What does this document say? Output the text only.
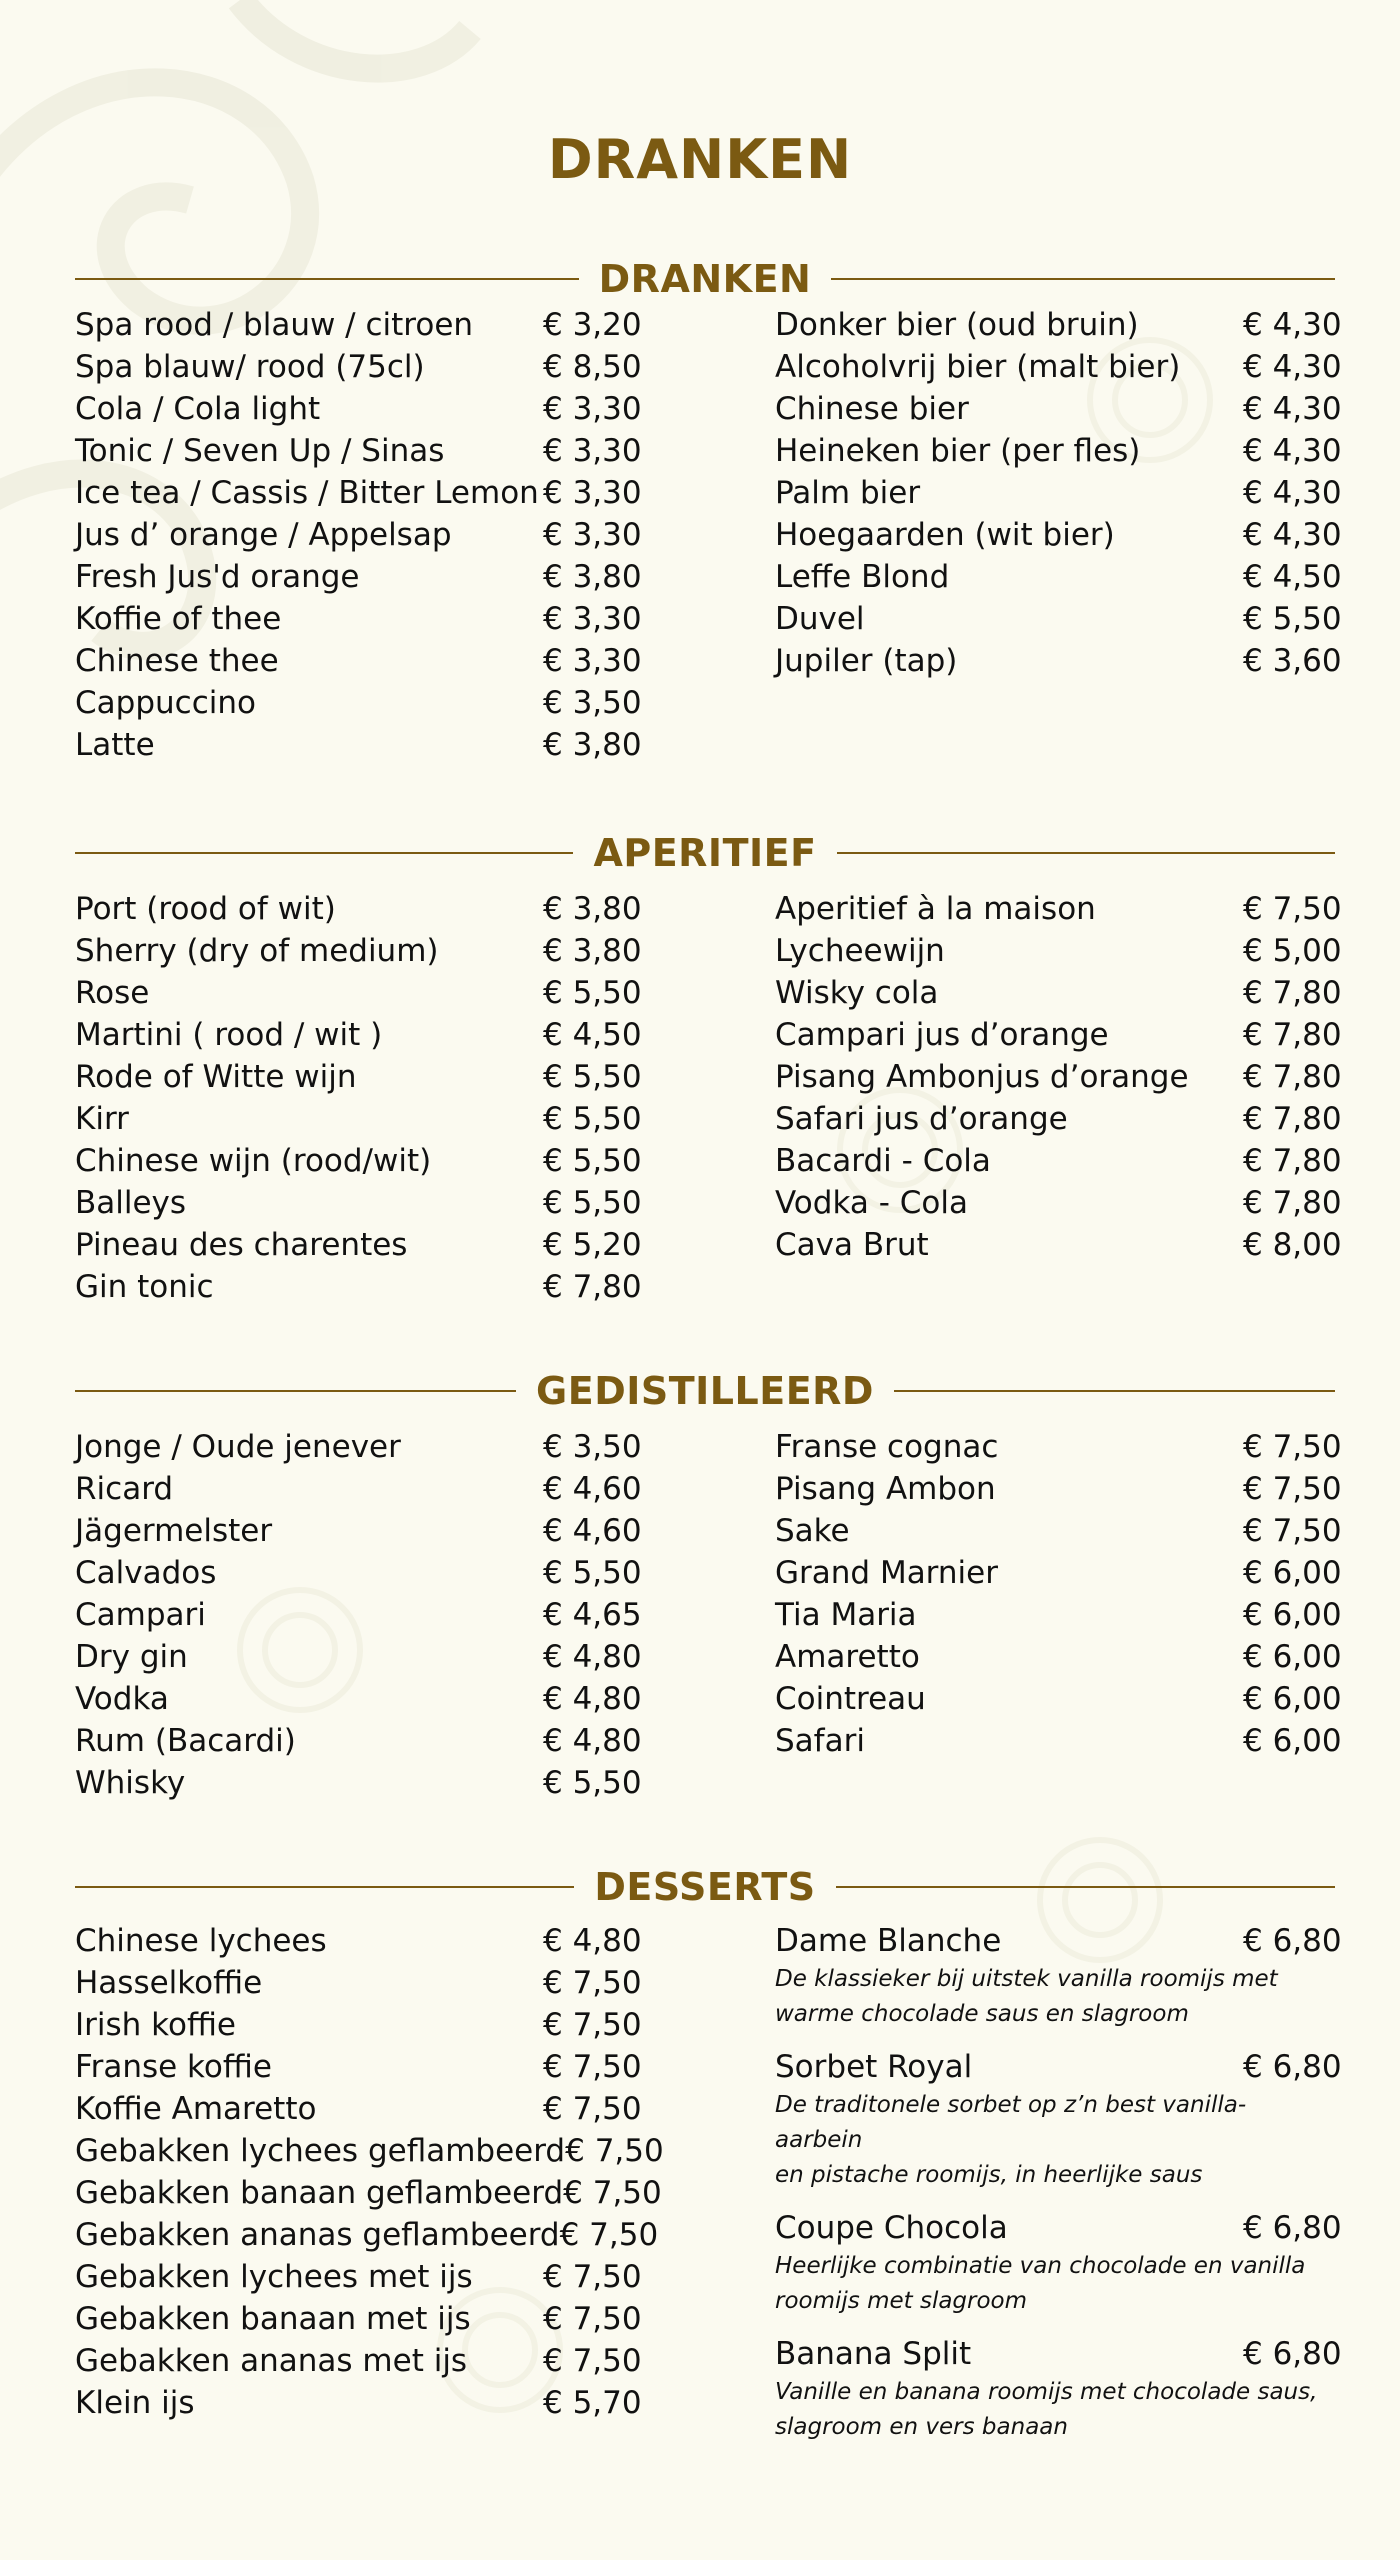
DRANKEN
DRANKEN
Spa rood / blauw / citroen € 3,20
Spa blauw/ rood (75cl)	€ 8,50
Cola / Cola light	€ 3,30
Tonic / Seven Up / Sinas	€ 3,30
Ice tea / Cassis / Bitter Lemon € 3,30
Jus d’ orange / Appelsap	€ 3,30
Fresh Jus'd orange	€ 3,80
Koffie of thee	€ 3,30
Chinese thee	€ 3,30
Cappuccino	€ 3,50
Latte	€ 3,80
Donker bier (oud bruin)	€ 4,30
Alcoholvrij bier (malt bier) € 4,30
Chinese bier	€ 4,30
Heineken bier (per fles)	€ 4,30
Palm bier	€ 4,30
Hoegaarden (wit bier)	€ 4,30
Leffe Blond	€ 4,50
Duvel	€ 5,50
Jupiler (tap)	€ 3,60
APERITIEF
Port (rood of wit)	€ 3,80
Sherry (dry of medium)	€ 3,80
Rose	€ 5,50
Martini ( rood / wit )	€ 4,50
Rode of Witte wijn	€ 5,50
Kirr	€ 5,50
Chinese wijn (rood/wit)	€ 5,50
Balleys	€ 5,50
Pineau des charentes	€ 5,20
Gin tonic	€ 7,80
Aperitief à la maison	€ 7,50
Lycheewijn	€ 5,00
Wisky cola	€ 7,80
Campari jus d’orange	€ 7,80
Pisang Ambonjus d’orange € 7,80
Safari jus d’orange	€ 7,80
Bacardi - Cola	€ 7,80
Vodka - Cola	€ 7,80
Cava Brut	€ 8,00
GEDISTILLEERD
Jonge / Oude jenever	€ 3,50
Ricard	€ 4,60
Jägermelster	€ 4,60
Calvados	€ 5,50
Campari	€ 4,65
Dry gin	€ 4,80
Vodka	€ 4,80
Rum (Bacardi)	€ 4,80
Whisky	€ 5,50
Franse cognac	€ 7,50
Pisang Ambon	€ 7,50
Sake	€ 7,50
Grand Marnier	€ 6,00
Tia Maria	€ 6,00
Amaretto	€ 6,00
Cointreau	€ 6,00
Safari	€ 6,00
DESSERTS
Chinese lychees	€ 4,80
Hasselkoffie	€ 7,50
Irish koffie	€ 7,50
Franse koffie	€ 7,50
Koffie Amaretto	€ 7,50
Gebakken lychees geflambeerd € 7,50
Gebakken banaan geflambeerd € 7,50
Gebakken ananas geflambeerd € 7,50
Gebakken lychees met ijs € 7,50
Gebakken banaan met ijs € 7,50
Gebakken ananas met ijs € 7,50
Klein ijs	€ 5,70
Dame Blanche	€ 6,80
De klassieker bij uitstek vanilla roomijs met
warme chocolade saus en slagroom
Sorbet Royal	€ 6,80
De traditonele sorbet op z’n best vanilla- aarbein
en pistache roomijs, in heerlijke saus
Coupe Chocola	€ 6,80
Heerlijke combinatie van chocolade en vanilla
roomijs met slagroom
Banana Split	€ 6,80
Vanille en banana roomijs met chocolade saus,
slagroom en vers banaan
